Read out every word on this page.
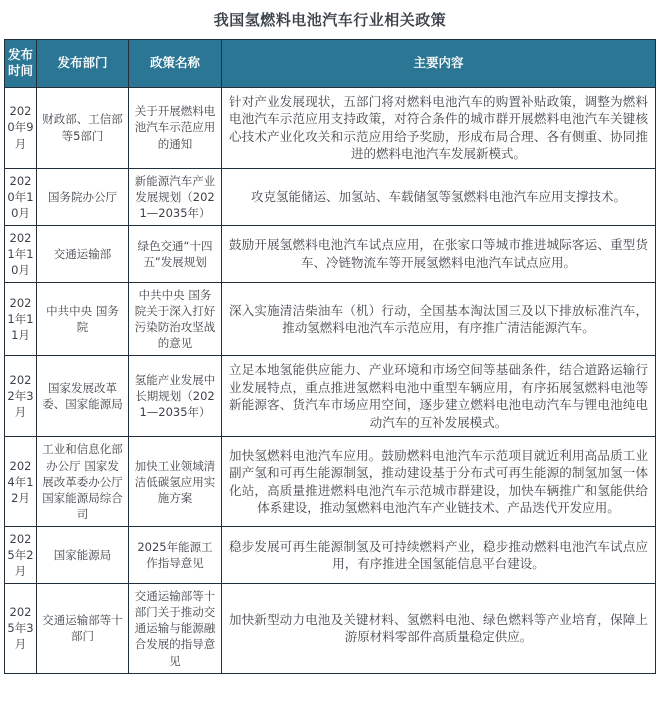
我国氢燃料电池汽车行业相关政策
发布时间	发布部门	政策名称	主要内容
2020年9月	财政部、工信部等5部门	关于开展燃料电池汽车示范应用的通知	针对产业发展现状，五部门将对燃料电池汽车的购置补贴政策，调整为燃料电池汽车示范应用支持政策，对符合条件的城市群开展燃料电池汽车关键核心技术产业化攻关和示范应用给予奖励，形成布局合理、各有侧重、协同推进的燃料电池汽车发展新模式。
2020年10月	国务院办公厅	新能源汽车产业发展规划（2021—2035年）	攻克氢能储运、加氢站、车载储氢等氢燃料电池汽车应用支撑技术。
2021年10月	交通运输部	绿色交通“十四五”发展规划	鼓励开展氢燃料电池汽车试点应用，在张家口等城市推进城际客运、重型货车、冷链物流车等开展氢燃料电池汽车试点应用。
2021年11月	中共中央 国务院	中共中央 国务院关于深入打好污染防治攻坚战的意见	深入实施清洁柴油车（机）行动，全国基本淘汰国三及以下排放标准汽车，推动氢燃料电池汽车示范应用，有序推广清洁能源汽车。
2022年3月	国家发展改革委、国家能源局	氢能产业发展中长期规划（2021—2035年）	立足本地氢能供应能力、产业环境和市场空间等基础条件，结合道路运输行业发展特点，重点推进氢燃料电池中重型车辆应用，有序拓展氢燃料电池等新能源客、货汽车市场应用空间，逐步建立燃料电池电动汽车与锂电池纯电动汽车的互补发展模式。
2024年12月	工业和信息化部办公厅 国家发展改革委办公厅 国家能源局综合司	加快工业领域清洁低碳氢应用实施方案	加快氢燃料电池汽车应用。鼓励燃料电池汽车示范项目就近利用高品质工业副产氢和可再生能源制氢，推动建设基于分布式可再生能源的制氢加氢一体化站，高质量推进燃料电池汽车示范城市群建设，加快车辆推广和氢能供给体系建设，推动氢燃料电池汽车产业链技术、产品迭代开发应用。
2025年2月	国家能源局	2025年能源工作指导意见	稳步发展可再生能源制氢及可持续燃料产业，稳步推动燃料电池汽车试点应用，有序推进全国氢能信息平台建设。
2025年3月	交通运输部等十部门	交通运输部等十部门关于推动交通运输与能源融合发展的指导意见	加快新型动力电池及关键材料、氢燃料电池、绿色燃料等产业培育，保障上游原材料零部件高质量稳定供应。
